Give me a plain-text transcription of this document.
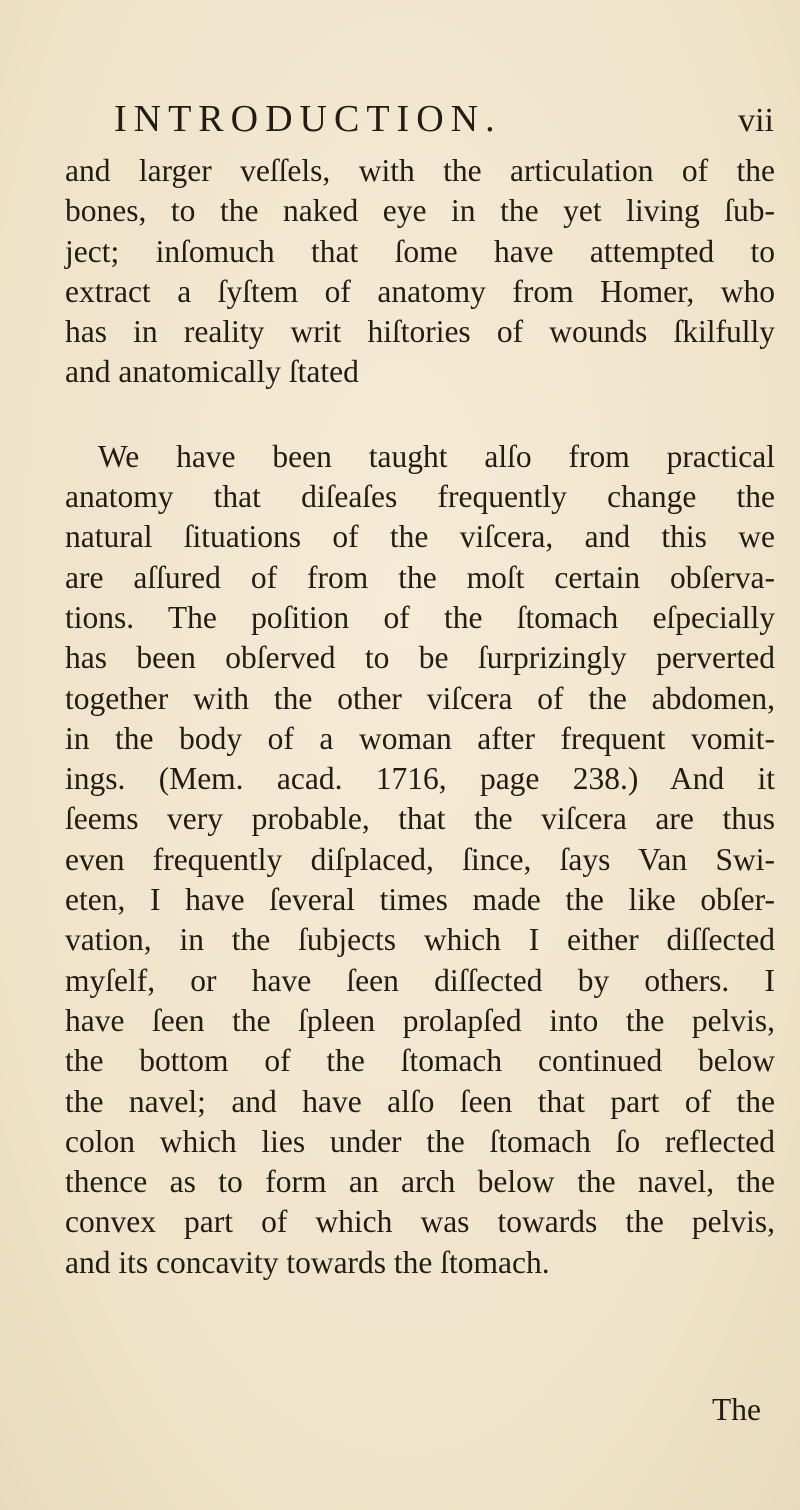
INTRODUCTION.	vii
and larger veſſels, with the articulation of the
bones, to the naked eye in the yet living ſub-
ject; inſomuch that ſome have attempted to
extract a ſyſtem of anatomy from Homer, who
has in reality writ hiſtories of wounds ſkilfully
and anatomically ſtated
We have been taught alſo from practical
anatomy that diſeaſes frequently change the
natural ſituations of the viſcera, and this we
are aſſured of from the moſt certain obſerva-
tions. The poſition of the ſtomach eſpecially
has been obſerved to be ſurprizingly perverted
together with the other viſcera of the abdomen,
in the body of a woman after frequent vomit-
ings. (Mem. acad. 1716, page 238.) And it
ſeems very probable, that the viſcera are thus
even frequently diſplaced, ſince, ſays Van Swi-
eten, I have ſeveral times made the like obſer-
vation, in the ſubjects which I either diſſected
myſelf, or have ſeen diſſected by others. I
have ſeen the ſpleen prolapſed into the pelvis,
the bottom of the ſtomach continued below
the navel; and have alſo ſeen that part of the
colon which lies under the ſtomach ſo reflected
thence as to form an arch below the navel, the
convex part of which was towards the pelvis,
and its concavity towards the ſtomach.
The
